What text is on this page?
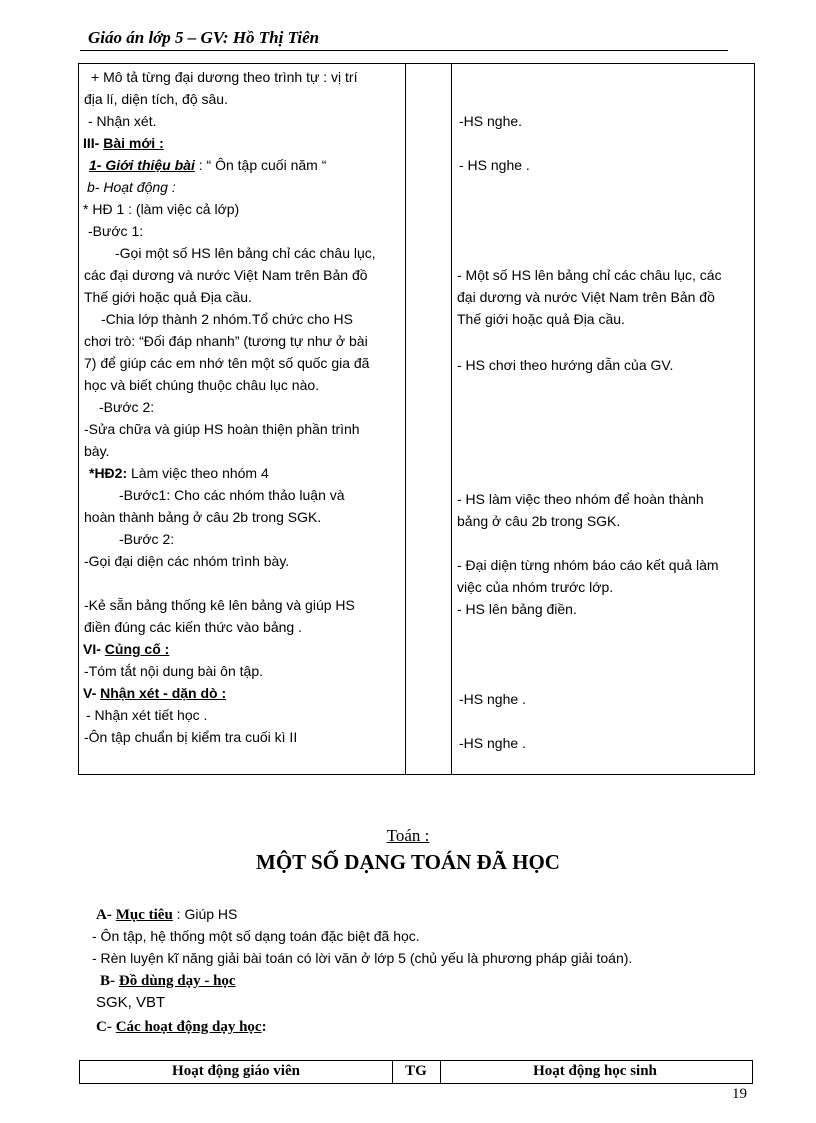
Giáo án lớp 5 – GV: Hồ Thị Tiên
+ Mô tả từng đại dương theo trình tự : vị trí
địa lí, diện tích, độ sâu.
- Nhận xét.
III- Bài mới :
1- Giới thiệu bài : “ Ôn tập cuối năm “
b- Hoạt động :
* HĐ 1 : (làm việc cả lớp)
-Bước 1:
-Gọi một số HS lên bảng chỉ các châu lục,
các đại dương và nước Việt Nam trên Bản đồ
Thế giới hoặc quả Địa cầu.
-Chia lớp thành 2 nhóm.Tổ chức cho HS
chơi trò: “Đối đáp nhanh” (tương tự như ở bài
7) để giúp các em nhớ tên một số quốc gia đã
học và biết chúng thuộc châu lục nào.
-Bước 2:
-Sửa chữa và giúp HS hoàn thiện phần trình
bày.
*HĐ2: Làm việc theo nhóm 4
-Bước1: Cho các nhóm thảo luận và
hoàn thành bảng ở câu 2b trong SGK.
-Bước 2:
-Gọi đại diện các nhóm trình bày.
-Kẻ sẵn bảng thống kê lên bảng và giúp HS
điền đúng các kiến thức vào bảng .
VI- Củng cố :
-Tóm tắt nội dung bài ôn tập.
V- Nhận xét - dặn dò :
- Nhận xét tiết học .
-Ôn tập chuẩn bị kiểm tra cuối kì II
-HS nghe.
- HS nghe .
- Một số HS lên bảng chỉ các châu lục, các
đại dương và nước Việt Nam trên Bản đồ
Thế giới hoặc quả Địa cầu.
- HS chơi theo hướng dẫn của GV.
- HS làm việc theo nhóm để hoàn thành
bảng ở câu 2b trong SGK.
- Đại diện từng nhóm báo cáo kết quả làm
việc của nhóm trước lớp.
- HS lên bảng điền.
-HS nghe .
-HS nghe .
Toán :
MỘT SỐ DẠNG TOÁN ĐÃ HỌC
A- Mục tiêu : Giúp HS
- Ôn tập, hệ thống một số dạng toán đặc biệt đã học.
- Rèn luyện kĩ năng giải bài toán có lời văn ở lớp 5 (chủ yếu là phương pháp giải toán).
B- Đồ dùng dạy - học
SGK, VBT
C- Các hoạt động dạy học:
Hoạt động giáo viên	TG	Hoạt động học sinh
19
